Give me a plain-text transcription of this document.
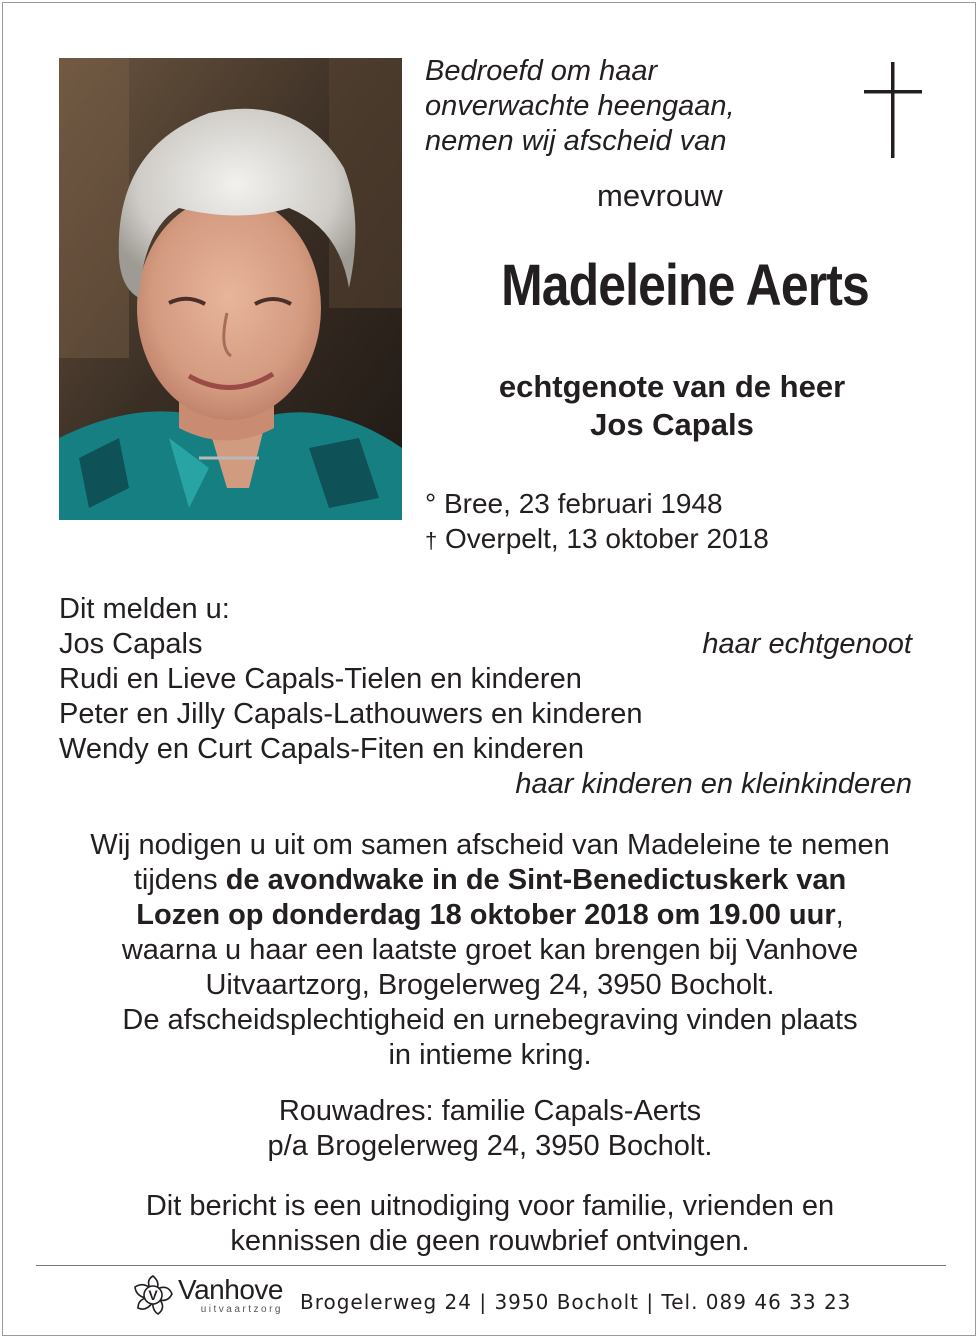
Bedroefd om haar
onverwachte heengaan,
nemen wij afscheid van
mevrouw
Madeleine Aerts
echtgenote van de heer
Jos Capals
° Bree, 23 februari 1948
† Overpelt, 13 oktober 2018
Dit melden u:
Jos Capals	haar echtgenoot
Rudi en Lieve Capals-Tielen en kinderen
Peter en Jilly Capals-Lathouwers en kinderen
Wendy en Curt Capals-Fiten en kinderen
haar kinderen en kleinkinderen
Wij nodigen u uit om samen afscheid van Madeleine te nemen
tijdens de avondwake in de Sint-Benedictuskerk van
Lozen op donderdag 18 oktober 2018 om 19.00 uur,
waarna u haar een laatste groet kan brengen bij Vanhove
Uitvaartzorg, Brogelerweg 24, 3950 Bocholt.
De afscheidsplechtigheid en urnebegraving vinden plaats
in intieme kring.
Rouwadres: familie Capals-Aerts
p/a Brogelerweg 24, 3950 Bocholt.
Dit bericht is een uitnodiging voor familie, vrienden en
kennissen die geen rouwbrief ontvingen.
V Vanhove
uitvaartzorg Brogelerweg 24 | 3950 Bocholt | Tel. 089 46 33 23
